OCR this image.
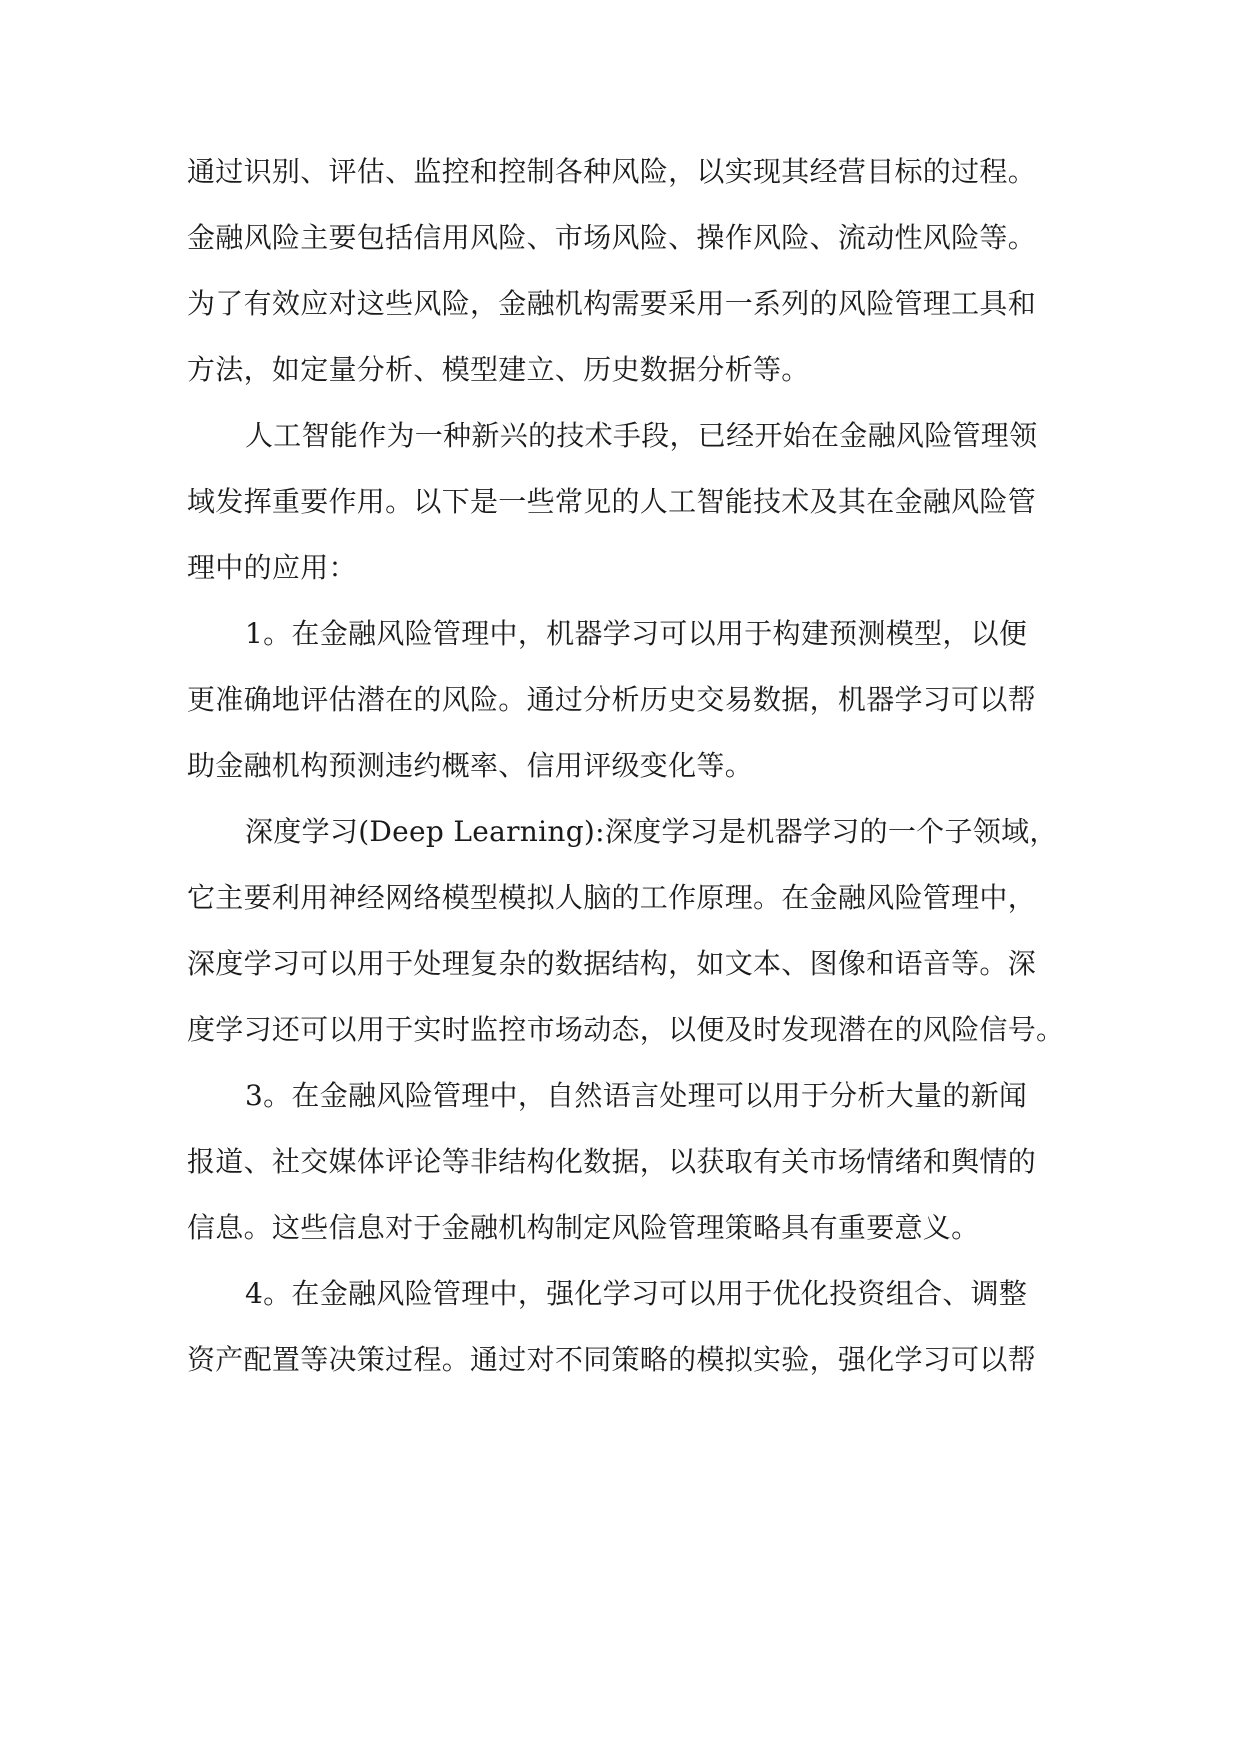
通过识别、评估、监控和控制各种风险，以实现其经营目标的过程。
金融风险主要包括信用风险、市场风险、操作风险、流动性风险等。
为了有效应对这些风险，金融机构需要采用一系列的风险管理工具和
方法，如定量分析、模型建立、历史数据分析等。
人工智能作为一种新兴的技术手段，已经开始在金融风险管理领
域发挥重要作用。以下是一些常见的人工智能技术及其在金融风险管
理中的应用：
1。在金融风险管理中，机器学习可以用于构建预测模型，以便
更准确地评估潜在的风险。通过分析历史交易数据，机器学习可以帮
助金融机构预测违约概率、信用评级变化等。
深度学习(Deep Learning):深度学习是机器学习的一个子领域，
它主要利用神经网络模型模拟人脑的工作原理。在金融风险管理中，
深度学习可以用于处理复杂的数据结构，如文本、图像和语音等。深
度学习还可以用于实时监控市场动态，以便及时发现潜在的风险信号。
3。在金融风险管理中，自然语言处理可以用于分析大量的新闻
报道、社交媒体评论等非结构化数据，以获取有关市场情绪和舆情的
信息。这些信息对于金融机构制定风险管理策略具有重要意义。
4。在金融风险管理中，强化学习可以用于优化投资组合、调整
资产配置等决策过程。通过对不同策略的模拟实验，强化学习可以帮
